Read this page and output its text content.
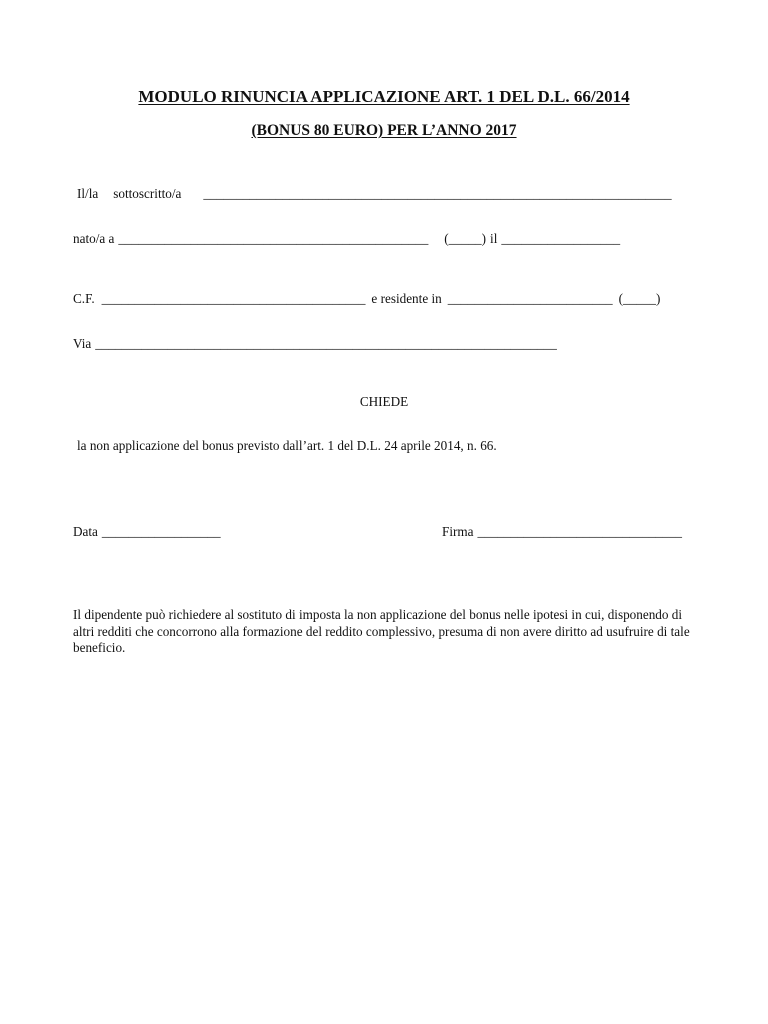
MODULO RINUNCIA APPLICAZIONE ART. 1 DEL D.L. 66/2014
(BONUS 80 EURO) PER L’ANNO 2017
Il/la sottoscritto/a _______________________________________________________________________
nato/a a _______________________________________________ (_____) il __________________
C.F. ________________________________________ e residente in _________________________ (_____)
Via ______________________________________________________________________
CHIEDE
la non applicazione del bonus previsto dall’art. 1 del D.L. 24 aprile 2014, n. 66.
Data __________________	Firma _______________________________
Il dipendente può richiedere al sostituto di imposta la non applicazione del bonus nelle ipotesi in cui, disponendo di altri redditi che concorrono alla formazione del reddito complessivo, presuma di non avere diritto ad usufruire di tale beneficio.
